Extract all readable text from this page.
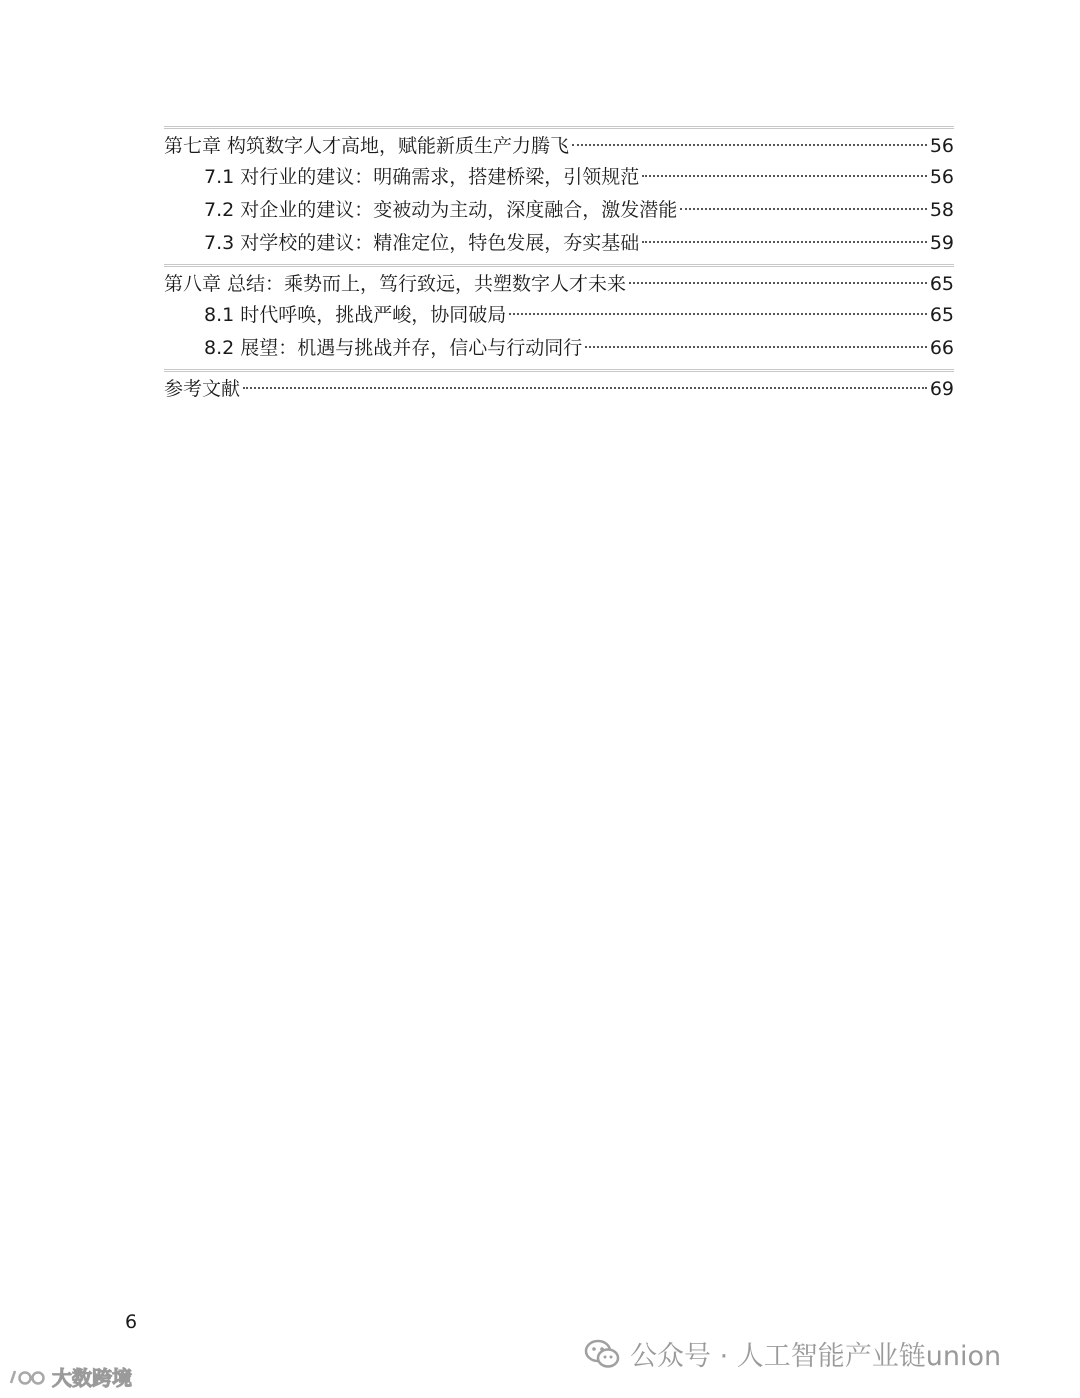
第七章 构筑数字人才高地，赋能新质生产力腾飞	56
7.1 对行业的建议：明确需求，搭建桥梁，引领规范	56
7.2 对企业的建议：变被动为主动，深度融合，激发潜能	58
7.3 对学校的建议：精准定位，特色发展，夯实基础	59
第八章 总结：乘势而上，笃行致远，共塑数字人才未来	65
8.1 时代呼唤，挑战严峻，协同破局	65
8.2 展望：机遇与挑战并存，信心与行动同行	66
参考文献	69
6
公众号 · 人工智能产业链union
大数跨境
